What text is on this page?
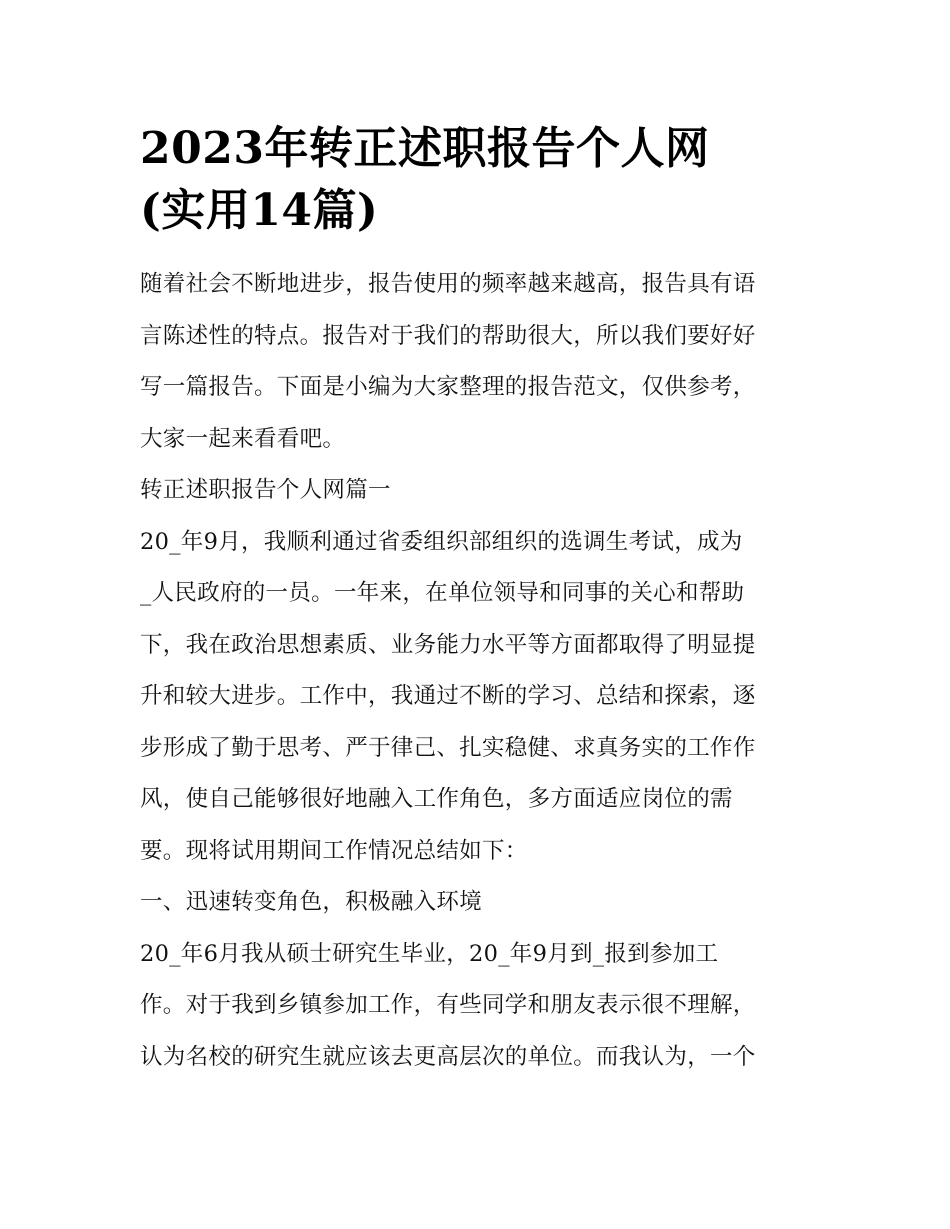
2023年转正述职报告个人网
(实用14篇)

随着社会不断地进步，报告使用的频率越来越高，报告具有语
言陈述性的特点。报告对于我们的帮助很大，所以我们要好好
写一篇报告。下面是小编为大家整理的报告范文，仅供参考，
大家一起来看看吧。

转正述职报告个人网篇一

20_年9月，我顺利通过省委组织部组织的选调生考试，成为
_人民政府的一员。一年来，在单位领导和同事的关心和帮助
下，我在政治思想素质、业务能力水平等方面都取得了明显提
升和较大进步。工作中，我通过不断的学习、总结和探索，逐
步形成了勤于思考、严于律己、扎实稳健、求真务实的工作作
风，使自己能够很好地融入工作角色，多方面适应岗位的需
要。现将试用期间工作情况总结如下：

一、迅速转变角色，积极融入环境

20_年6月我从硕士研究生毕业，20_年9月到_报到参加工
作。对于我到乡镇参加工作，有些同学和朋友表示很不理解，
认为名校的研究生就应该去更高层次的单位。而我认为，一个
